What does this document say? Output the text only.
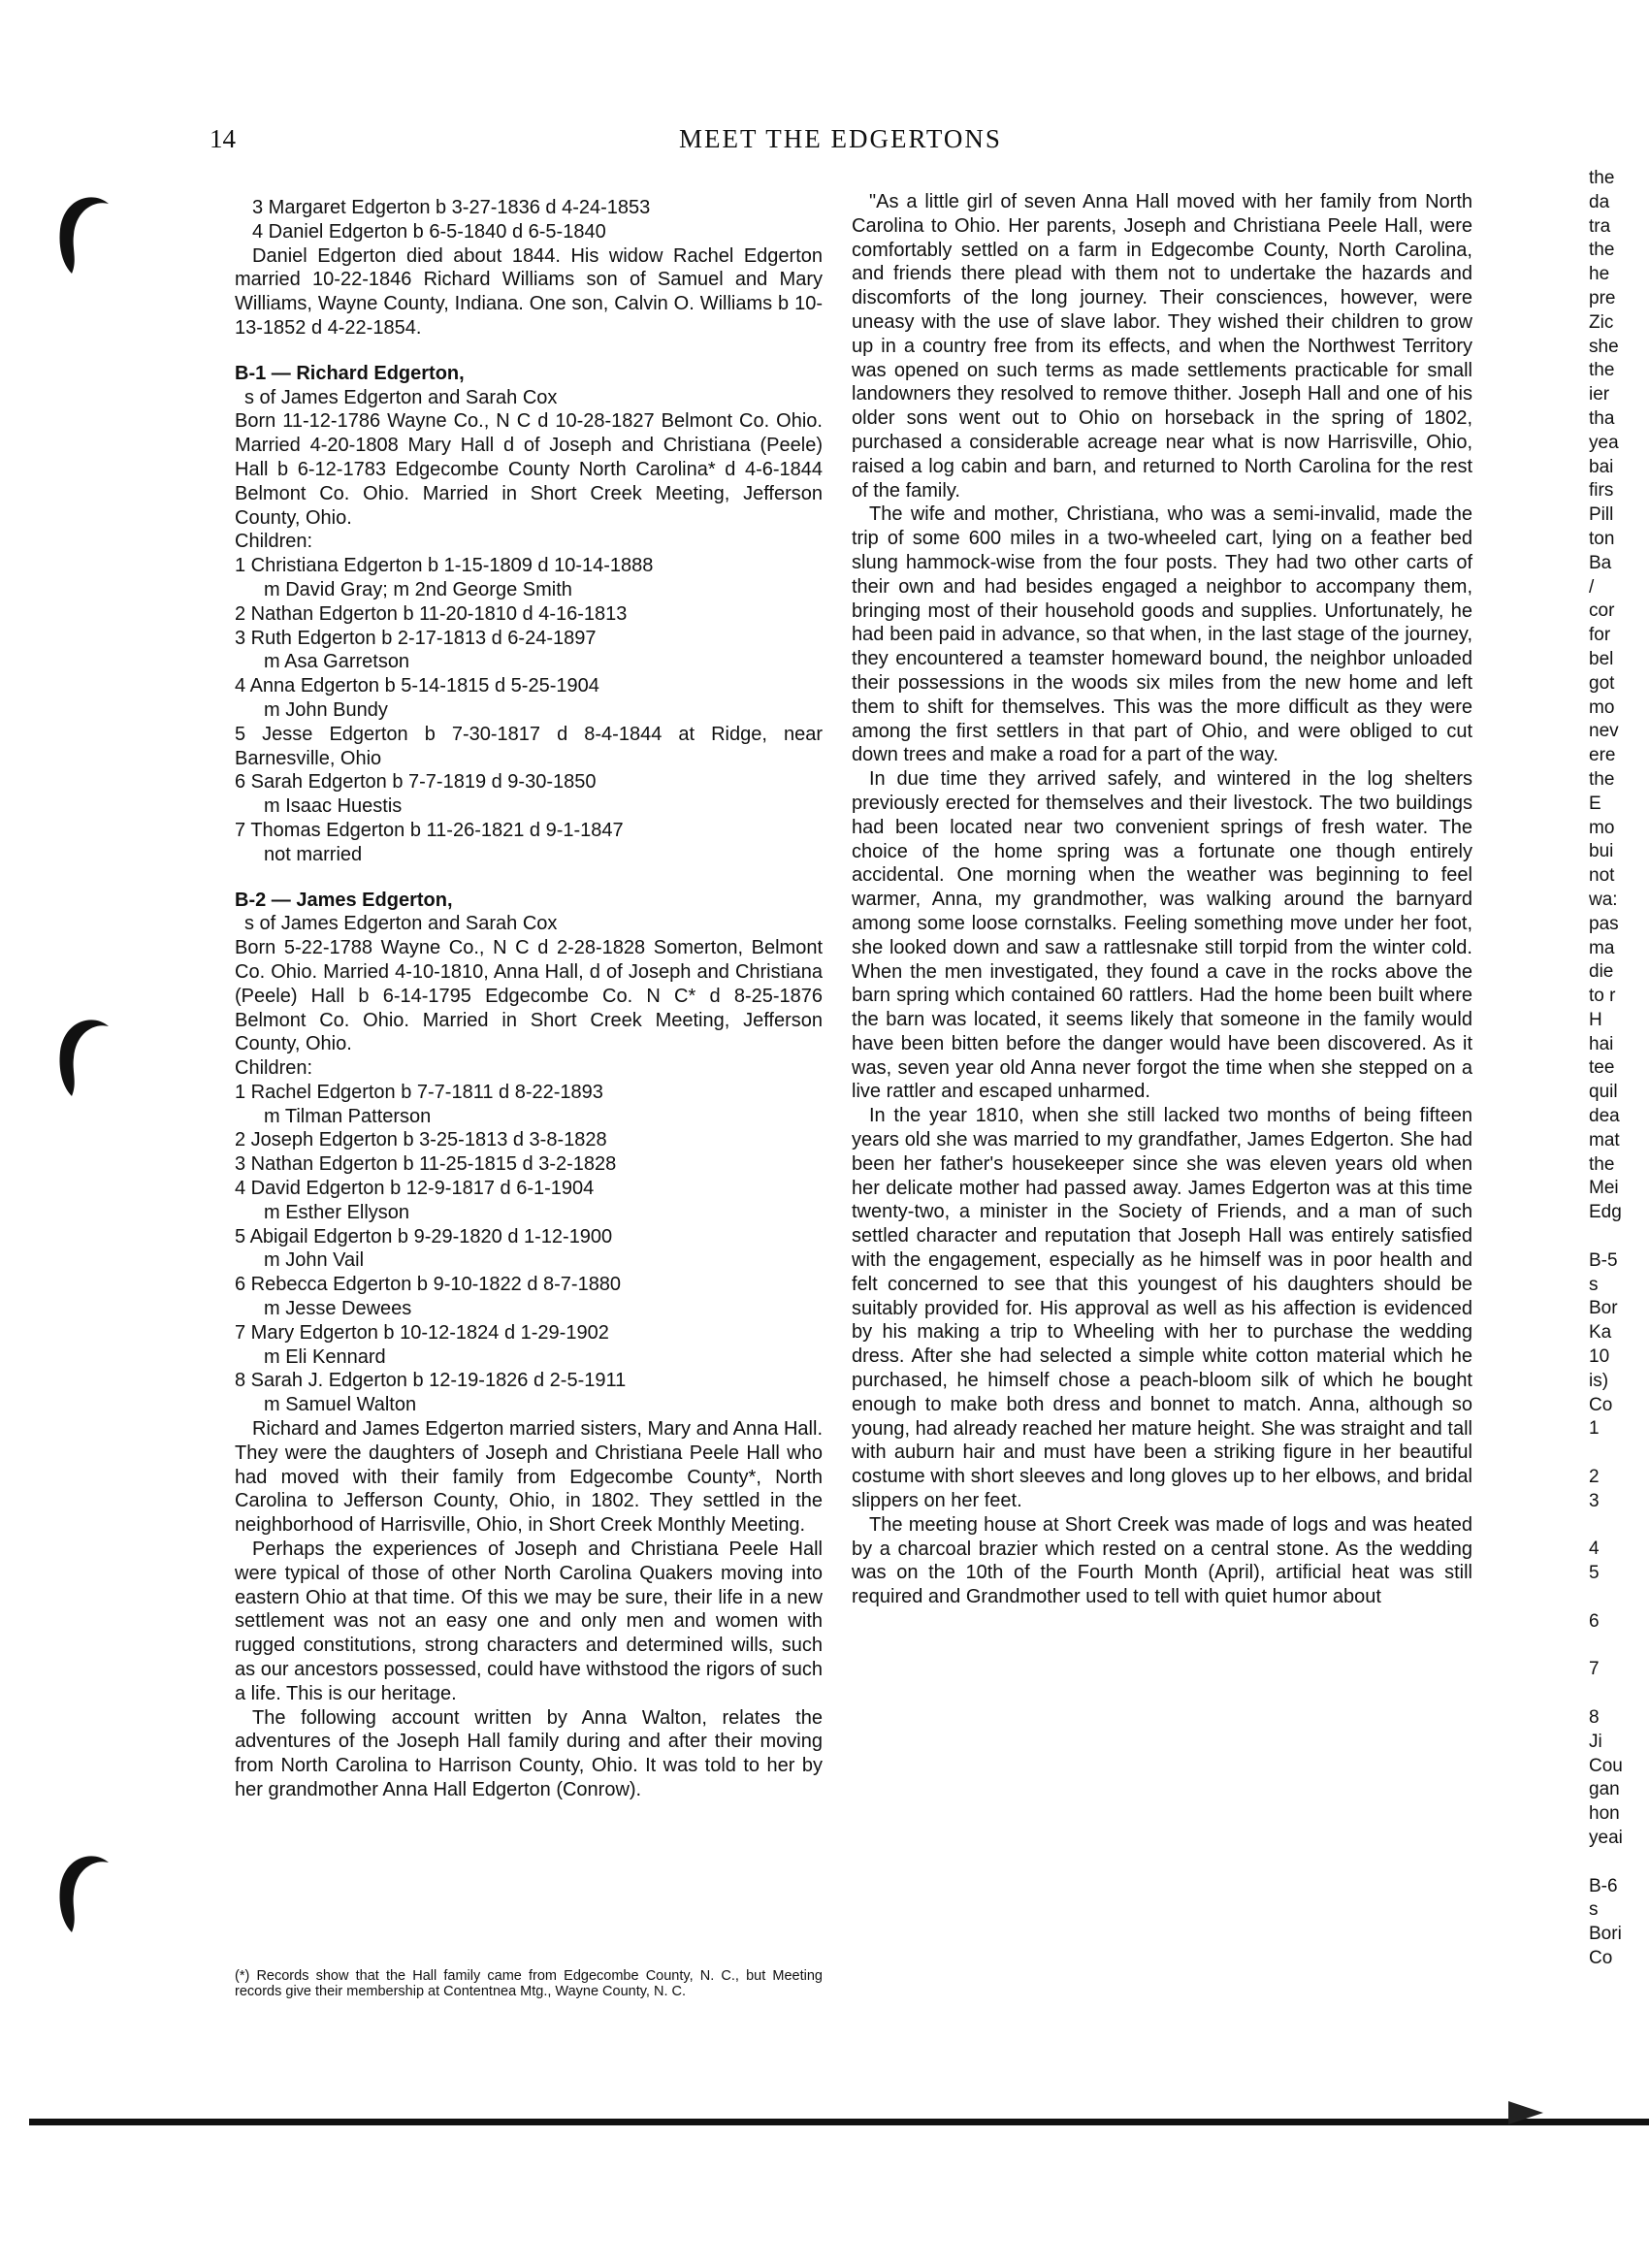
14	MEET THE EDGERTONS

3 Margaret Edgerton b 3-27-1836 d 4-24-1853

4 Daniel Edgerton b 6-5-1840 d 6-5-1840

Daniel Edgerton died about 1844. His widow Rachel Edgerton married 10-22-1846 Richard Williams son of Samuel and Mary Williams, Wayne County, Indiana. One son, Calvin O. Williams b 10-13-1852 d 4-22-1854.

B-1 — Richard Edgerton,

s of James Edgerton and Sarah Cox

Born 11-12-1786 Wayne Co., N C d 10-28-1827 Belmont Co. Ohio. Married 4-20-1808 Mary Hall d of Joseph and Christiana (Peele) Hall b 6-12-1783 Edgecombe County North Carolina* d 4-6-1844 Belmont Co. Ohio. Married in Short Creek Meeting, Jefferson County, Ohio.

Children:

1 Christiana Edgerton b 1-15-1809 d 10-14-1888

m David Gray; m 2nd George Smith

2 Nathan Edgerton b 11-20-1810 d 4-16-1813

3 Ruth Edgerton b 2-17-1813 d 6-24-1897

m Asa Garretson

4 Anna Edgerton b 5-14-1815 d 5-25-1904

m John Bundy

5 Jesse Edgerton b 7-30-1817 d 8-4-1844 at Ridge, near Barnesville, Ohio

6 Sarah Edgerton b 7-7-1819 d 9-30-1850

m Isaac Huestis

7 Thomas Edgerton b 11-26-1821 d 9-1-1847

not married

B-2 — James Edgerton,

s of James Edgerton and Sarah Cox

Born 5-22-1788 Wayne Co., N C d 2-28-1828 Somerton, Belmont Co. Ohio. Married 4-10-1810, Anna Hall, d of Joseph and Christiana (Peele) Hall b 6-14-1795 Edgecombe Co. N C* d 8-25-1876 Belmont Co. Ohio. Married in Short Creek Meeting, Jefferson County, Ohio.

Children:

1 Rachel Edgerton b 7-7-1811 d 8-22-1893

m Tilman Patterson

2 Joseph Edgerton b 3-25-1813 d 3-8-1828

3 Nathan Edgerton b 11-25-1815 d 3-2-1828

4 David Edgerton b 12-9-1817 d 6-1-1904

m Esther Ellyson

5 Abigail Edgerton b 9-29-1820 d 1-12-1900

m John Vail

6 Rebecca Edgerton b 9-10-1822 d 8-7-1880

m Jesse Dewees

7 Mary Edgerton b 10-12-1824 d 1-29-1902

m Eli Kennard

8 Sarah J. Edgerton b 12-19-1826 d 2-5-1911

m Samuel Walton

Richard and James Edgerton married sisters, Mary and Anna Hall. They were the daughters of Joseph and Christiana Peele Hall who had moved with their family from Edgecombe County*, North Carolina to Jefferson County, Ohio, in 1802. They settled in the neighborhood of Harrisville, Ohio, in Short Creek Monthly Meeting.

Perhaps the experiences of Joseph and Christiana Peele Hall were typical of those of other North Carolina Quakers moving into eastern Ohio at that time. Of this we may be sure, their life in a new settlement was not an easy one and only men and women with rugged constitutions, strong characters and determined wills, such as our ancestors possessed, could have withstood the rigors of such a life. This is our heritage.

The following account written by Anna Walton, relates the adventures of the Joseph Hall family during and after their moving from North Carolina to Harrison County, Ohio. It was told to her by her grandmother Anna Hall Edgerton (Conrow).

(*) Records show that the Hall family came from Edgecombe County, N. C., but Meeting records give their membership at Contentnea Mtg., Wayne County, N. C.

"As a little girl of seven Anna Hall moved with her family from North Carolina to Ohio. Her parents, Joseph and Christiana Peele Hall, were comfortably settled on a farm in Edgecombe County, North Carolina, and friends there plead with them not to undertake the hazards and discomforts of the long journey. Their consciences, however, were uneasy with the use of slave labor. They wished their children to grow up in a country free from its effects, and when the Northwest Territory was opened on such terms as made settlements practicable for small landowners they resolved to remove thither. Joseph Hall and one of his older sons went out to Ohio on horseback in the spring of 1802, purchased a considerable acreage near what is now Harrisville, Ohio, raised a log cabin and barn, and returned to North Carolina for the rest of the family.

The wife and mother, Christiana, who was a semi-invalid, made the trip of some 600 miles in a two-wheeled cart, lying on a feather bed slung hammock-wise from the four posts. They had two other carts of their own and had besides engaged a neighbor to accompany them, bringing most of their household goods and supplies. Unfortunately, he had been paid in advance, so that when, in the last stage of the journey, they encountered a teamster homeward bound, the neighbor unloaded their possessions in the woods six miles from the new home and left them to shift for themselves. This was the more difficult as they were among the first settlers in that part of Ohio, and were obliged to cut down trees and make a road for a part of the way.

In due time they arrived safely, and wintered in the log shelters previously erected for themselves and their livestock. The two buildings had been located near two convenient springs of fresh water. The choice of the home spring was a fortunate one though entirely accidental. One morning when the weather was beginning to feel warmer, Anna, my grandmother, was walking around the barnyard among some loose cornstalks. Feeling something move under her foot, she looked down and saw a rattlesnake still torpid from the winter cold. When the men investigated, they found a cave in the rocks above the barn spring which contained 60 rattlers. Had the home been built where the barn was located, it seems likely that someone in the family would have been bitten before the danger would have been discovered. As it was, seven year old Anna never forgot the time when she stepped on a live rattler and escaped unharmed.

In the year 1810, when she still lacked two months of being fifteen years old she was married to my grandfather, James Edgerton. She had been her father's housekeeper since she was eleven years old when her delicate mother had passed away. James Edgerton was at this time twenty-two, a minister in the Society of Friends, and a man of such settled character and reputation that Joseph Hall was entirely satisfied with the engagement, especially as he himself was in poor health and felt concerned to see that this youngest of his daughters should be suitably provided for. His approval as well as his affection is evidenced by his making a trip to Wheeling with her to purchase the wedding dress. After she had selected a simple white cotton material which he purchased, he himself chose a peach-bloom silk of which he bought enough to make both dress and bonnet to match. Anna, although so young, had already reached her mature height. She was straight and tall with auburn hair and must have been a striking figure in her beautiful costume with short sleeves and long gloves up to her elbows, and bridal slippers on her feet.

The meeting house at Short Creek was made of logs and was heated by a charcoal brazier which rested on a central stone. As the wedding was on the 10th of the Fourth Month (April), artificial heat was still required and Grandmother used to tell with quiet humor about

the
da
tra
the
he
pre
Zic
she
the
ier
tha
yea
bai
firs
Pill
ton
Ba
/
cor
for
bel
got
mo
nev
ere
the
E
mo
bui
not
wa:
pas
ma
die
to r
H
hai
tee
quil
dea
mat
the
Mei
Edg
B-5
s
Bor
Ka
10
is)
Co
1
2
3
4
5
6
7
8
Ji
Cou
gan
hon
yeai
B-6
s
Bori
Co
